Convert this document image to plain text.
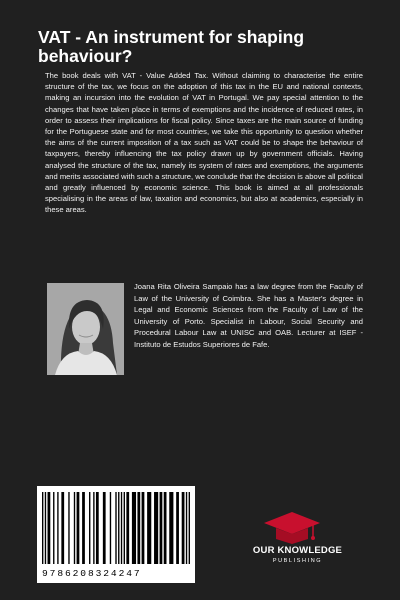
VAT - An instrument for shaping behaviour?
The book deals with VAT - Value Added Tax. Without claiming to characterise the entire structure of the tax, we focus on the adoption of this tax in the EU and national contexts, making an incursion into the evolution of VAT in Portugal. We pay special attention to the changes that have taken place in terms of exemptions and the incidence of reduced rates, in order to assess their implications for fiscal policy. Since taxes are the main source of funding for the Portuguese state and for most countries, we take this opportunity to question whether the aims of the current imposition of a tax such as VAT could be to shape the behaviour of taxpayers, thereby influencing the tax policy drawn up by government officials. Having analysed the structure of the tax, namely its system of rates and exemptions, the arguments and merits associated with such a structure, we conclude that the decision is above all political and greatly influenced by economic science. This book is aimed at all professionals specialising in the areas of law, taxation and economics, but also at academics, especially in these areas.
Joana Rita Oliveira Sampaio has a law degree from the Faculty of Law of the University of Coimbra. She has a Master's degree in Legal and Economic Sciences from the Faculty of Law of the University of Porto. Specialist in Labour, Social Security and Procedural Labour Law at UNISC and OAB. Lecturer at ISEF - Instituto de Estudos Superiores de Fafe.
9786208324247
OUR KNOWLEDGE
PUBLISHING
